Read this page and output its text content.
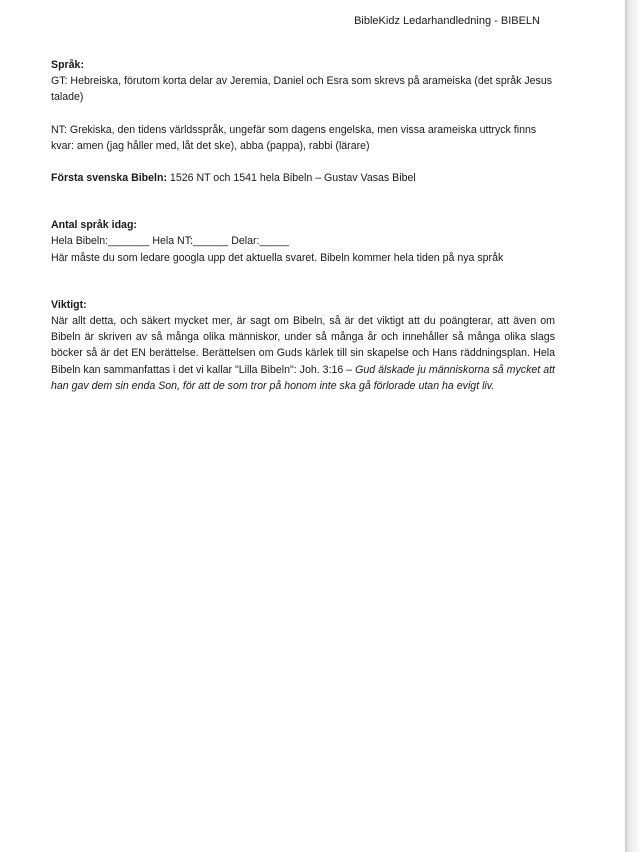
BibleKidz Ledarhandledning - BIBELN

Språk:

GT: Hebreiska, förutom korta delar av Jeremia, Daniel och Esra som skrevs på arameiska (det språk Jesus talade)

NT: Grekiska, den tidens världsspråk, ungefär som dagens engelska, men vissa arameiska uttryck finns kvar: amen (jag håller med, låt det ske), abba (pappa), rabbi (lärare)

Första svenska Bibeln: 1526 NT och 1541 hela Bibeln – Gustav Vasas Bibel

Antal språk idag:

Hela Bibeln:_______ Hela NT:______ Delar:_____

Här måste du som ledare googla upp det aktuella svaret. Bibeln kommer hela tiden på nya språk

Viktigt:

När allt detta, och säkert mycket mer, är sagt om Bibeln, så är det viktigt att du poängterar, att även om Bibeln är skriven av så många olika människor, under så många år och innehåller så många olika slags böcker så är det EN berättelse. Berättelsen om Guds kärlek till sin skapelse och Hans räddningsplan. Hela Bibeln kan sammanfattas i det vi kallar "Lilla Bibeln": Joh. 3:16 – Gud älskade ju människorna så mycket att han gav dem sin enda Son, för att de som tror på honom inte ska gå förlorade utan ha evigt liv.
